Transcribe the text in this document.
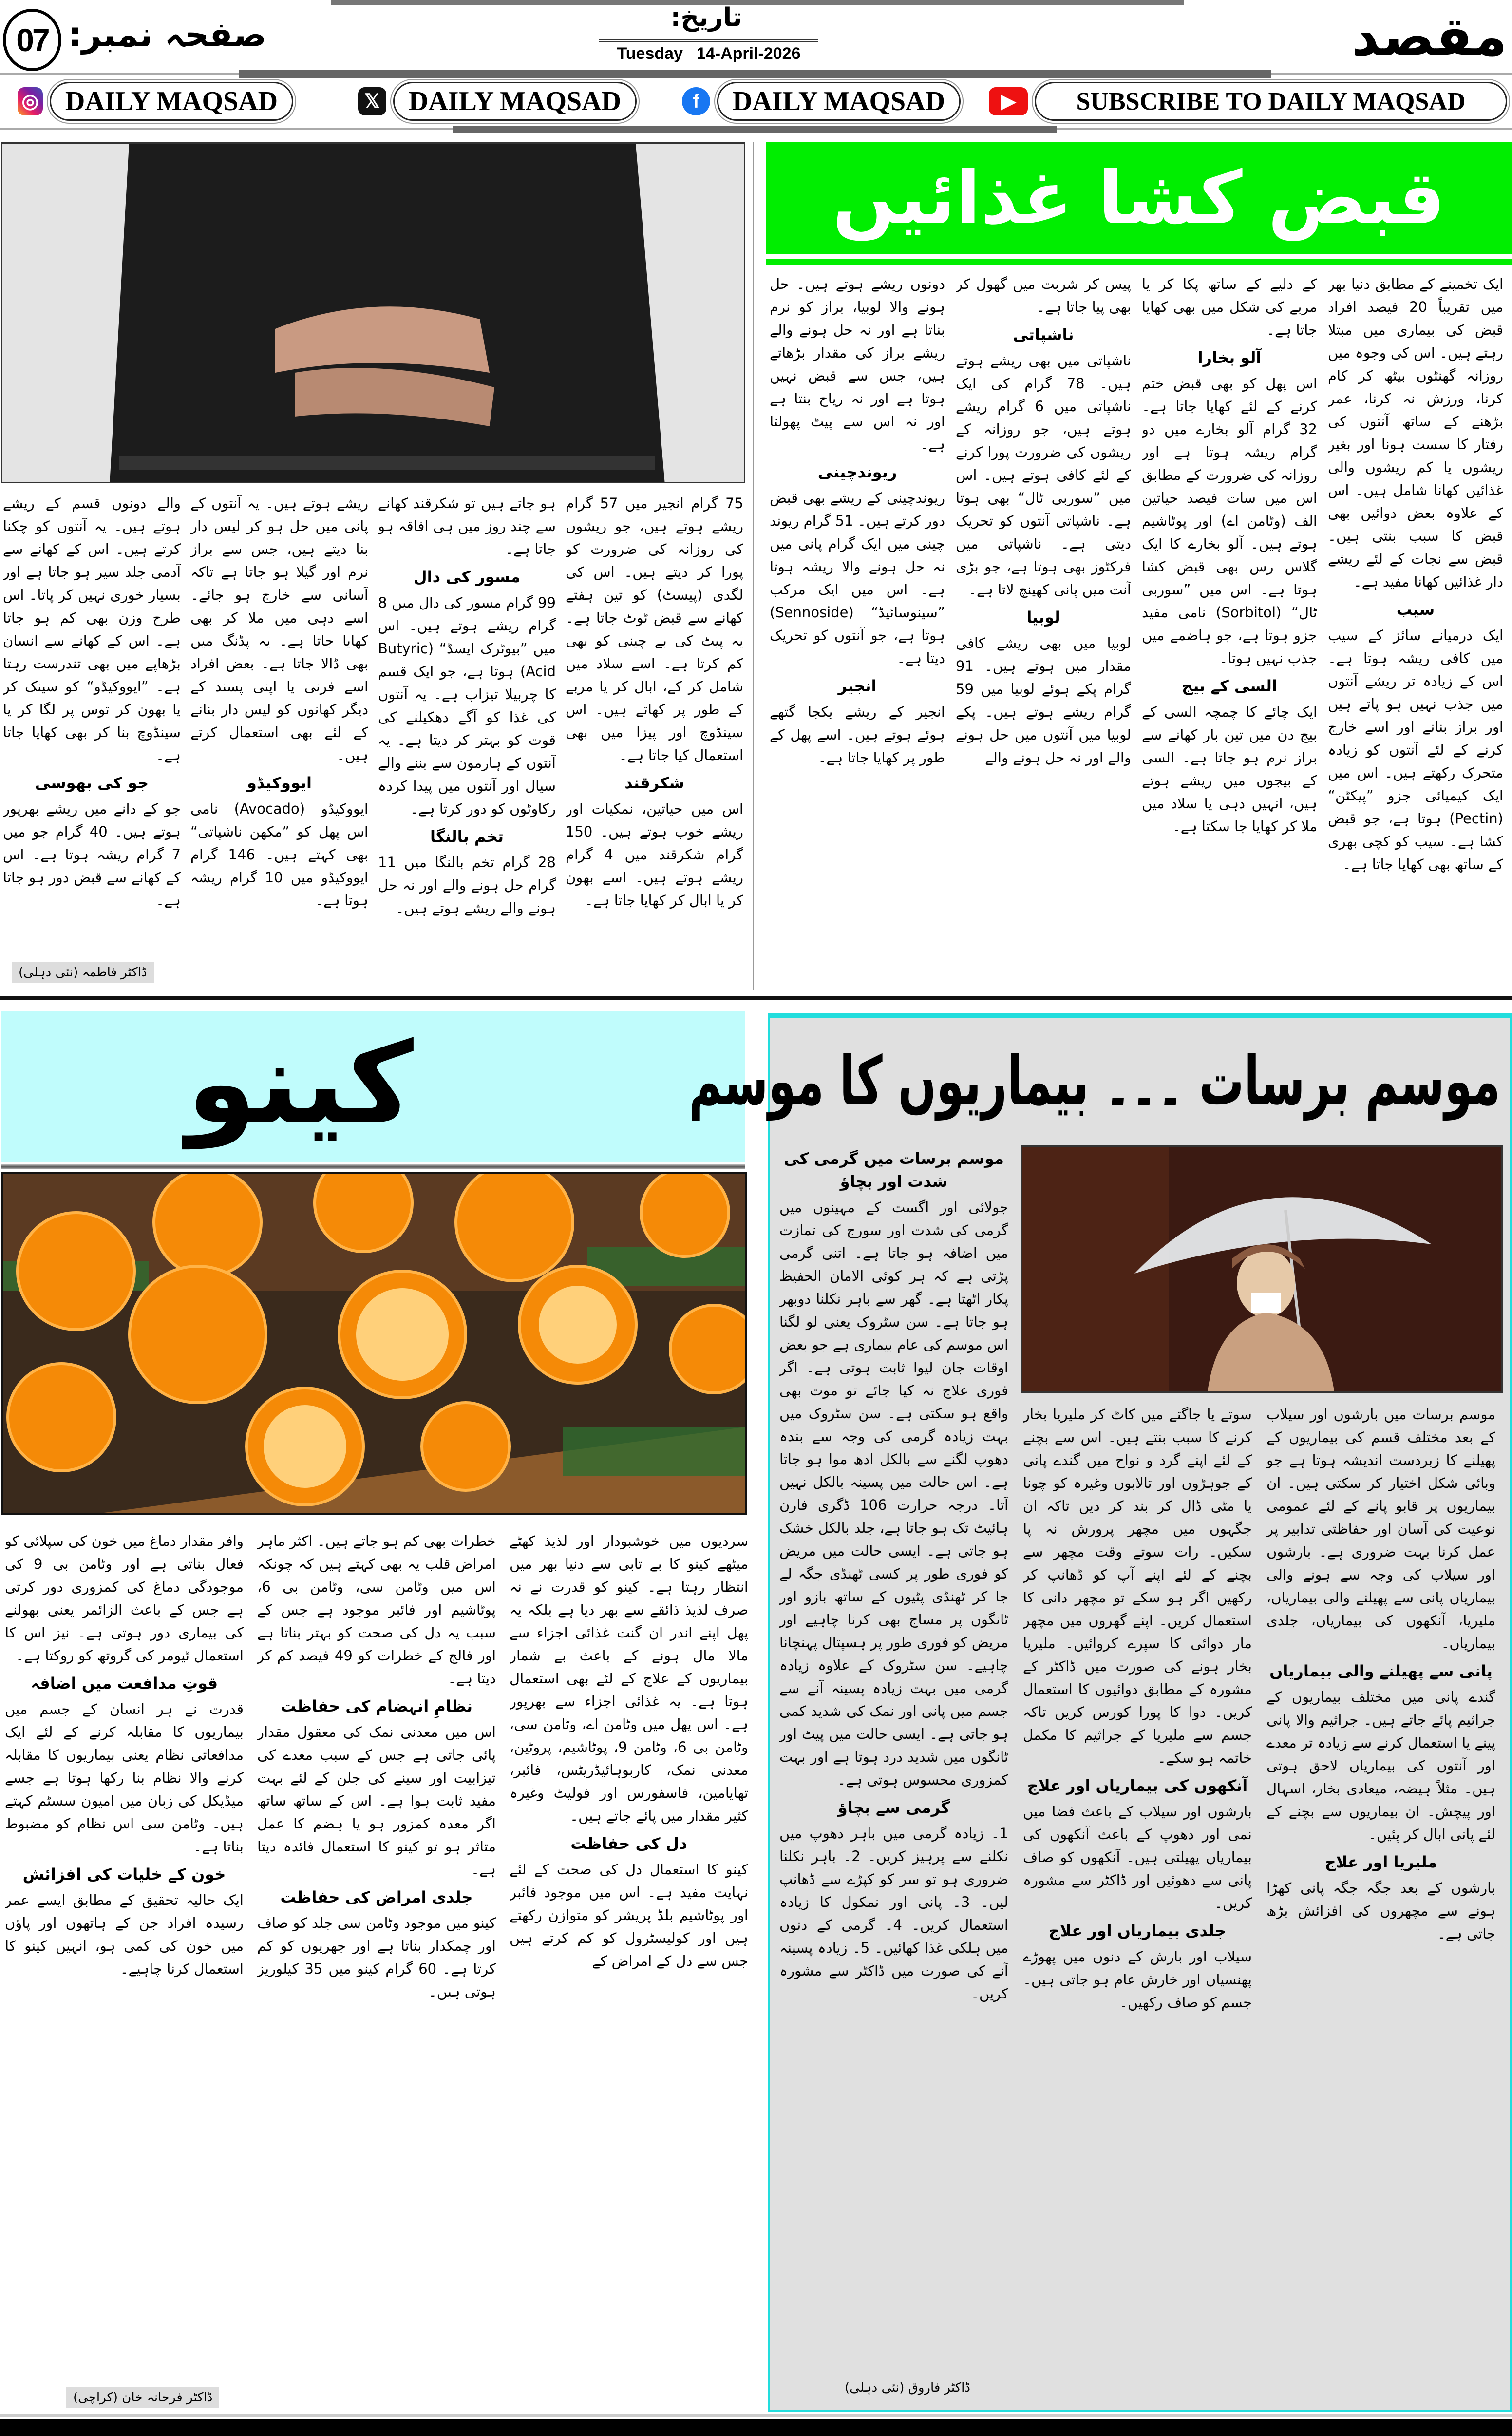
07 صفحہ نمبر:	تاریخ:
Tuesday 14-April-2026	مقصد
◎ DAILY MAQSAD	𝕏	DAILY MAQSAD	f	DAILY MAQSAD	▶	SUBSCRIBE TO DAILY MAQSAD
قبض کشا غذائیں
ڈاکٹر فاطمہ (نئی دہلی)
کینو
ڈاکٹر فرحانہ خان (کراچی)
موسم برسات ۔۔۔ بیماریوں کا موسم
ڈاکٹر فاروق (نئی دہلی)

ایک تخمینے کے مطابق دنیا بھر میں تقریباً 20 فیصد افراد قبض کی بیماری میں مبتلا رہتے ہیں۔ اس کی وجوہ میں روزانہ گھنٹوں بیٹھ کر کام کرنا، ورزش نہ کرنا، عمر بڑھنے کے ساتھ آنتوں کی رفتار کا سست ہونا اور بغیر ریشوں یا کم ریشوں والی غذائیں کھانا شامل ہیں۔ اس کے علاوہ بعض دوائیں بھی قبض کا سبب بنتی ہیں۔ قبض سے نجات کے لئے ریشے دار غذائیں کھانا مفید ہے۔

سیب

ایک درمیانے سائز کے سیب میں کافی ریشہ ہوتا ہے۔ اس کے زیادہ تر ریشے آنتوں میں جذب نہیں ہو پاتے ہیں اور براز بنانے اور اسے خارج کرنے کے لئے آنتوں کو زیادہ متحرک رکھتے ہیں۔ اس میں ایک کیمیائی جزو ”پیکٹن“ (Pectin) ہوتا ہے، جو قبض کشا ہے۔ سیب کو کچی بھری کے ساتھ بھی کھایا جاتا ہے۔

کے دلیے کے ساتھ پکا کر یا مربے کی شکل میں بھی کھایا جاتا ہے۔

آلو بخارا

اس پھل کو بھی قبض ختم کرنے کے لئے کھایا جاتا ہے۔ 32 گرام آلو بخارے میں دو گرام ریشہ ہوتا ہے اور روزانہ کی ضرورت کے مطابق اس میں سات فیصد حیاتین الف (وٹامن اے) اور پوٹاشیم ہوتے ہیں۔ آلو بخارے کا ایک گلاس رس بھی قبض کشا ہوتا ہے۔ اس میں ”سوربی ٹال“ (Sorbitol) نامی مفید جزو ہوتا ہے، جو ہاضمے میں جذب نہیں ہوتا۔

السی کے بیج

ایک چائے کا چمچہ السی کے بیج دن میں تین بار کھانے سے براز نرم ہو جاتا ہے۔ السی کے بیجوں میں ریشے ہوتے ہیں، انہیں دہی یا سلاد میں ملا کر کھایا جا سکتا ہے۔

پیس کر شربت میں گھول کر بھی پیا جاتا ہے۔

ناشپاتی

ناشپاتی میں بھی ریشے ہوتے ہیں۔ 78 گرام کی ایک ناشپاتی میں 6 گرام ریشے ہوتے ہیں، جو روزانہ کے ریشوں کی ضرورت پورا کرنے کے لئے کافی ہوتے ہیں۔ اس میں ”سوربی ٹال“ بھی ہوتا ہے۔ ناشپاتی آنتوں کو تحریک دیتی ہے۔ ناشپاتی میں فرکٹوز بھی ہوتا ہے، جو بڑی آنت میں پانی کھینچ لاتا ہے۔

لوبیا

لوبیا میں بھی ریشے کافی مقدار میں ہوتے ہیں۔ 91 گرام پکے ہوئے لوبیا میں 59 گرام ریشے ہوتے ہیں۔ پکے لوبیا میں آنتوں میں حل ہونے والے اور نہ حل ہونے والے

دونوں ریشے ہوتے ہیں۔ حل ہونے والا لوبیا، براز کو نرم بناتا ہے اور نہ حل ہونے والے ریشے براز کی مقدار بڑھاتے ہیں، جس سے قبض نہیں ہوتا ہے اور نہ ریاح بنتا ہے اور نہ اس سے پیٹ پھولتا ہے۔

ریوندچینی

ریوندچینی کے ریشے بھی قبض دور کرتے ہیں۔ 51 گرام ریوند چینی میں ایک گرام پانی میں نہ حل ہونے والا ریشہ ہوتا ہے۔ اس میں ایک مرکب ”سینوسائیڈ“ (Sennoside) ہوتا ہے، جو آنتوں کو تحریک دیتا ہے۔

انجیر

انجیر کے ریشے یکجا گتھے ہوئے ہوتے ہیں۔ اسے پھل کے طور پر کھایا جاتا ہے۔

75 گرام انجیر میں 57 گرام ریشے ہوتے ہیں، جو ریشوں کی روزانہ کی ضرورت کو پورا کر دیتے ہیں۔ اس کی لگدی (پیسٹ) کو تین ہفتے کھانے سے قبض ٹوٹ جاتا ہے۔ یہ پیٹ کی بے چینی کو بھی کم کرتا ہے۔ اسے سلاد میں شامل کر کے، ابال کر یا مربے کے طور پر کھاتے ہیں۔ اس سینڈوچ اور پیزا میں بھی استعمال کیا جاتا ہے۔

شکرقند

اس میں حیاتین، نمکیات اور ریشے خوب ہوتے ہیں۔ 150 گرام شکرقند میں 4 گرام ریشے ہوتے ہیں۔ اسے بھون کر یا ابال کر کھایا جاتا ہے۔

ہو جاتے ہیں تو شکرقند کھانے سے چند روز میں ہی افاقہ ہو جاتا ہے۔

مسور کی دال

99 گرام مسور کی دال میں 8 گرام ریشے ہوتے ہیں۔ اس میں ”بیوٹرک ایسڈ“ (Butyric Acid) ہوتا ہے، جو ایک قسم کا چربیلا تیزاب ہے۔ یہ آنتوں کی غذا کو آگے دھکیلنے کی قوت کو بہتر کر دیتا ہے۔ یہ آنتوں کے ہارمون سے بننے والے سیال اور آنتوں میں پیدا کردہ رکاوٹوں کو دور کرتا ہے۔

تخم بالنگا

28 گرام تخم بالنگا میں 11 گرام حل ہونے والے اور نہ حل ہونے والے ریشے ہوتے ہیں۔

ریشے ہوتے ہیں۔ یہ آنتوں کے پانی میں حل ہو کر لیس دار بنا دیتے ہیں، جس سے براز نرم اور گیلا ہو جاتا ہے تاکہ آسانی سے خارج ہو جائے۔ اسے دہی میں ملا کر بھی کھایا جاتا ہے۔ یہ پڈنگ میں بھی ڈالا جاتا ہے۔ بعض افراد اسے فرنی یا اپنی پسند کے دیگر کھانوں کو لیس دار بنانے کے لئے بھی استعمال کرتے ہیں۔

ایووکیڈو

ایووکیڈو (Avocado) نامی اس پھل کو ”مکھن ناشپاتی“ بھی کہتے ہیں۔ 146 گرام ایووکیڈو میں 10 گرام ریشہ ہوتا ہے۔

والے دونوں قسم کے ریشے ہوتے ہیں۔ یہ آنتوں کو چکنا کرتے ہیں۔ اس کے کھانے سے آدمی جلد سیر ہو جاتا ہے اور بسیار خوری نہیں کر پاتا۔ اس طرح وزن بھی کم ہو جاتا ہے۔ اس کے کھانے سے انسان بڑھاپے میں بھی تندرست رہتا ہے۔ ”ایووکیڈو“ کو سینک کر یا بھون کر توس پر لگا کر یا سینڈوچ بنا کر بھی کھایا جاتا ہے۔

جو کی بھوسی

جو کے دانے میں ریشے بھرپور ہوتے ہیں۔ 40 گرام جو میں 7 گرام ریشہ ہوتا ہے۔ اس کے کھانے سے قبض دور ہو جاتا ہے۔

سردیوں میں خوشبودار اور لذیذ کھٹے میٹھے کینو کا بے تابی سے دنیا بھر میں انتظار رہتا ہے۔ کینو کو قدرت نے نہ صرف لذیذ ذائقے سے بھر دیا ہے بلکہ یہ پھل اپنے اندر ان گنت غذائی اجزاء سے مالا مال ہونے کے باعث بے شمار بیماریوں کے علاج کے لئے بھی استعمال ہوتا ہے۔ یہ غذائی اجزاء سے بھرپور ہے۔ اس پھل میں وٹامن اے، وٹامن سی، وٹامن بی 6، وٹامن 9، پوٹاشیم، پروٹین، معدنی نمک، کاربوہائیڈریٹس، فائبر، تھایامین، فاسفورس اور فولیٹ وغیرہ کثیر مقدار میں پائے جاتے ہیں۔

دل کی حفاظت

کینو کا استعمال دل کی صحت کے لئے نہایت مفید ہے۔ اس میں موجود فائبر اور پوٹاشیم بلڈ پریشر کو متوازن رکھتے ہیں اور کولیسٹرول کو کم کرتے ہیں جس سے دل کے امراض کے

خطرات بھی کم ہو جاتے ہیں۔ اکثر ماہر امراض قلب یہ بھی کہتے ہیں کہ چونکہ اس میں وٹامن سی، وٹامن بی 6، پوٹاشیم اور فائبر موجود ہے جس کے سبب یہ دل کی صحت کو بہتر بناتا ہے اور فالج کے خطرات کو 49 فیصد کم کر دیتا ہے۔

نظامِ انہضام کی حفاظت

اس میں معدنی نمک کی معقول مقدار پائی جاتی ہے جس کے سبب معدے کی تیزابیت اور سینے کی جلن کے لئے بہت مفید ثابت ہوا ہے۔ اس کے ساتھ ساتھ اگر معدہ کمزور ہو یا ہضم کا عمل متاثر ہو تو کینو کا استعمال فائدہ دیتا ہے۔

جلدی امراض کی حفاظت

کینو میں موجود وٹامن سی جلد کو صاف اور چمکدار بناتا ہے اور جھریوں کو کم کرتا ہے۔ 60 گرام کینو میں 35 کیلوریز ہوتی ہیں۔

وافر مقدار دماغ میں خون کی سپلائی کو فعال بناتی ہے اور وٹامن بی 9 کی موجودگی دماغ کی کمزوری دور کرتی ہے جس کے باعث الزائمر یعنی بھولنے کی بیماری دور ہوتی ہے۔ نیز اس کا استعمال ٹیومر کی گروتھ کو روکتا ہے۔

قوتِ مدافعت میں اضافہ

قدرت نے ہر انسان کے جسم میں بیماریوں کا مقابلہ کرنے کے لئے ایک مدافعاتی نظام یعنی بیماریوں کا مقابلہ کرنے والا نظام بنا رکھا ہوتا ہے جسے میڈیکل کی زبان میں امیون سسٹم کہتے ہیں۔ وٹامن سی اس نظام کو مضبوط بناتا ہے۔

خون کے خلیات کی افزائش

ایک حالیہ تحقیق کے مطابق ایسے عمر رسیدہ افراد جن کے ہاتھوں اور پاؤں میں خون کی کمی ہو، انہیں کینو کا استعمال کرنا چاہیے۔

موسم برسات میں بارشوں اور سیلاب کے بعد مختلف قسم کی بیماریوں کے پھیلنے کا زبردست اندیشہ ہوتا ہے جو وبائی شکل اختیار کر سکتی ہیں۔ ان بیماریوں پر قابو پانے کے لئے عمومی نوعیت کی آسان اور حفاظتی تدابیر پر عمل کرنا بہت ضروری ہے۔ بارشوں اور سیلاب کی وجہ سے ہونے والی بیماریاں پانی سے پھیلنے والی بیماریاں، ملیریا، آنکھوں کی بیماریاں، جلدی بیماریاں۔

پانی سے پھیلنے والی بیماریاں

گندے پانی میں مختلف بیماریوں کے جراثیم پائے جاتے ہیں۔ جراثیم والا پانی پینے یا استعمال کرنے سے زیادہ تر معدے اور آنتوں کی بیماریاں لاحق ہوتی ہیں۔ مثلاً ہیضہ، میعادی بخار، اسہال اور پیچش۔ ان بیماریوں سے بچنے کے لئے پانی ابال کر پئیں۔

ملیریا اور علاج

بارشوں کے بعد جگہ جگہ پانی کھڑا ہونے سے مچھروں کی افزائش بڑھ جاتی ہے۔

سوتے یا جاگتے میں کاٹ کر ملیریا بخار کرنے کا سبب بنتے ہیں۔ اس سے بچنے کے لئے اپنے گرد و نواح میں گندے پانی کے جوہڑوں اور تالابوں وغیرہ کو چونا یا مٹی ڈال کر بند کر دیں تاکہ ان جگہوں میں مچھر پرورش نہ پا سکیں۔ رات سوتے وقت مچھر سے بچنے کے لئے اپنے آپ کو ڈھانپ کر رکھیں اگر ہو سکے تو مچھر دانی کا استعمال کریں۔ اپنے گھروں میں مچھر مار دوائی کا سپرے کروائیں۔ ملیریا بخار ہونے کی صورت میں ڈاکٹر کے مشورہ کے مطابق دوائیوں کا استعمال کریں۔ دوا کا پورا کورس کریں تاکہ جسم سے ملیریا کے جراثیم کا مکمل خاتمہ ہو سکے۔

آنکھوں کی بیماریاں اور علاج

بارشوں اور سیلاب کے باعث فضا میں نمی اور دھوپ کے باعث آنکھوں کی بیماریاں پھیلتی ہیں۔ آنکھوں کو صاف پانی سے دھوئیں اور ڈاکٹر سے مشورہ کریں۔

جلدی بیماریاں اور علاج

سیلاب اور بارش کے دنوں میں پھوڑے پھنسیاں اور خارش عام ہو جاتی ہیں۔ جسم کو صاف رکھیں۔

موسم برسات میں گرمی کی شدت اور بچاؤ

جولائی اور اگست کے مہینوں میں گرمی کی شدت اور سورج کی تمازت میں اضافہ ہو جاتا ہے۔ اتنی گرمی پڑتی ہے کہ ہر کوئی الامان الحفیظ پکار اٹھتا ہے۔ گھر سے باہر نکلنا دوبھر ہو جاتا ہے۔ سن سٹروک یعنی لو لگنا اس موسم کی عام بیماری ہے جو بعض اوقات جان لیوا ثابت ہوتی ہے۔ اگر فوری علاج نہ کیا جائے تو موت بھی واقع ہو سکتی ہے۔ سن سٹروک میں بہت زیادہ گرمی کی وجہ سے بندہ دھوپ لگنے سے بالکل ادھ موا ہو جاتا ہے۔ اس حالت میں پسینہ بالکل نہیں آتا۔ درجہ حرارت 106 ڈگری فارن ہائیٹ تک ہو جاتا ہے، جلد بالکل خشک ہو جاتی ہے۔ ایسی حالت میں مریض کو فوری طور پر کسی ٹھنڈی جگہ لے جا کر ٹھنڈی پٹیوں کے ساتھ بازو اور ٹانگوں پر مساج بھی کرنا چاہیے اور مریض کو فوری طور پر ہسپتال پہنچانا چاہیے۔ سن سٹروک کے علاوہ زیادہ گرمی میں بہت زیادہ پسینہ آنے سے جسم میں پانی اور نمک کی شدید کمی ہو جاتی ہے۔ ایسی حالت میں پیٹ اور ٹانگوں میں شدید درد ہوتا ہے اور بہت کمزوری محسوس ہوتی ہے۔

گرمی سے بچاؤ

1۔ زیادہ گرمی میں باہر دھوپ میں نکلنے سے پرہیز کریں۔ 2۔ باہر نکلنا ضروری ہو تو سر کو کپڑے سے ڈھانپ لیں۔ 3۔ پانی اور نمکول کا زیادہ استعمال کریں۔ 4۔ گرمی کے دنوں میں ہلکی غذا کھائیں۔ 5۔ زیادہ پسینہ آنے کی صورت میں ڈاکٹر سے مشورہ کریں۔
